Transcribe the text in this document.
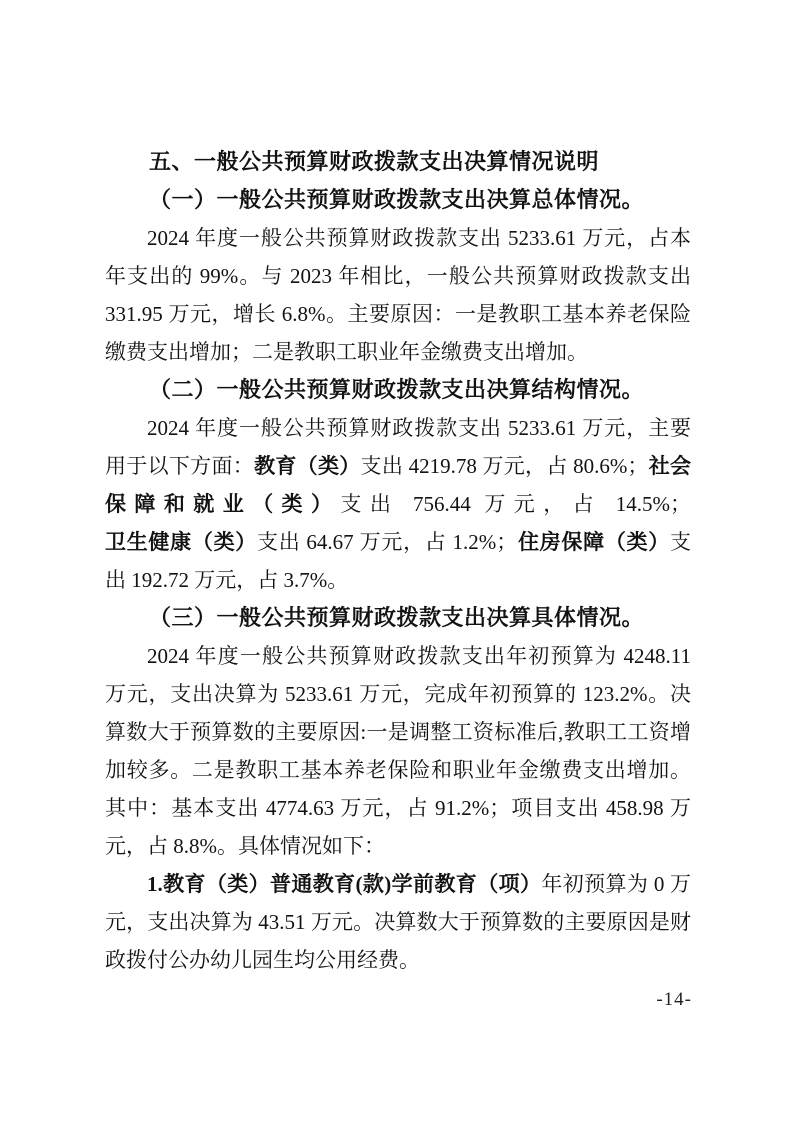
五、一般公共预算财政拨款支出决算情况说明

（一）一般公共预算财政拨款支出决算总体情况。

2024 年度一般公共预算财政拨款支出 5233.61 万元，占本年支出的 99%。与 2023 年相比，一般公共预算财政拨款支出 331.95 万元，增长 6.8%。主要原因：一是教职工基本养老保险缴费支出增加；二是教职工职业年金缴费支出增加。

（二）一般公共预算财政拨款支出决算结构情况。

2024 年度一般公共预算财政拨款支出 5233.61 万元，主要用于以下方面：教育（类）支出 4219.78 万元，占 80.6%；社会保障和就业（类）支出 756.44 万元，占 14.5%；卫生健康（类）支出 64.67 万元，占 1.2%；住房保障（类）支出 192.72 万元，占 3.7%。

（三）一般公共预算财政拨款支出决算具体情况。

2024 年度一般公共预算财政拨款支出年初预算为 4248.11 万元，支出决算为 5233.61 万元，完成年初预算的 123.2%。决算数大于预算数的主要原因:一是调整工资标准后,教职工工资增加较多。二是教职工基本养老保险和职业年金缴费支出增加。其中：基本支出 4774.63 万元，占 91.2%；项目支出 458.98 万元，占 8.8%。具体情况如下：

1.教育（类）普通教育(款)学前教育（项）年初预算为 0 万元，支出决算为 43.51 万元。决算数大于预算数的主要原因是财政拨付公办幼儿园生均公用经费。

-14-
